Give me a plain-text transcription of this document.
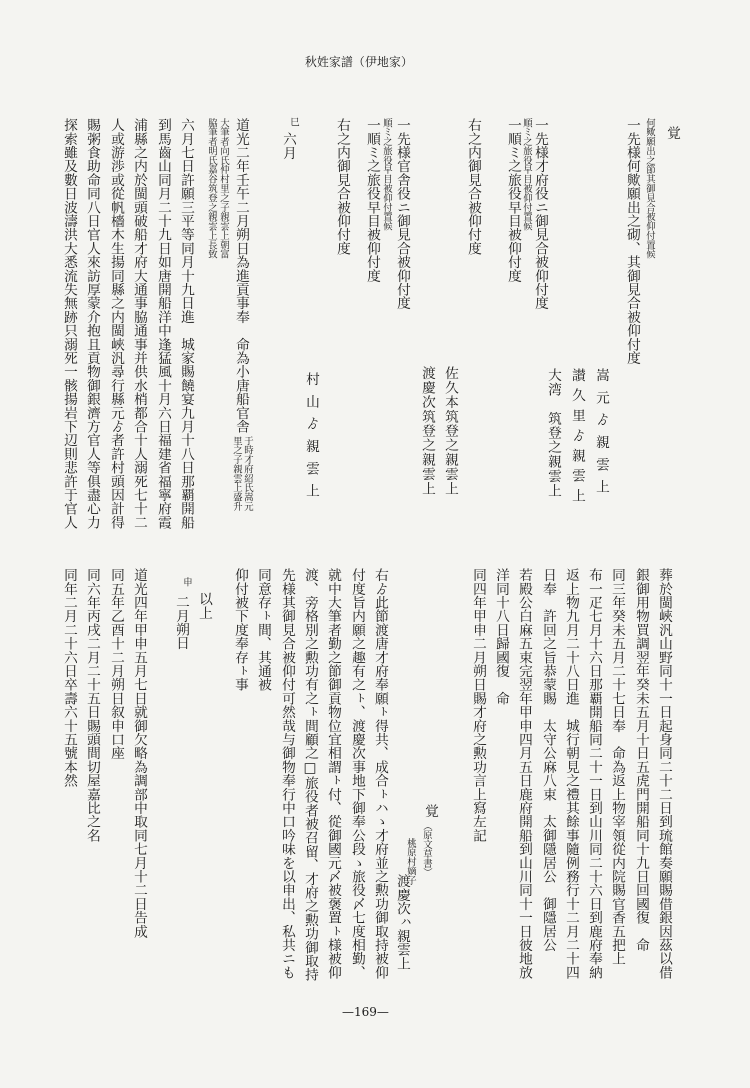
秋姓家譜（伊地家）
覚
何歟願出之節其御見合被仰付置候
一先様何歟願出之砌、其御見合被仰付度
嵩元ゟ親雲上
讃久里ゟ親雲上
大湾　筑登之親雲上
一先様才府役ニ御見合被仰付度
順ミ之旅役早目被仰付置候
一順ミ之旅役早目被仰付度
右之内御見合被仰付度
佐久本筑登之親雲上
渡慶次筑登之親雲上
一先様官舎役ニ御見合被仰付度
順ミ之旅役早目被仰付置候
一順ミ之旅役早目被仰付度
右之内御見合被仰付度
村山ゟ親雲上
巳
六月
道光二年壬午二月朔日為進貢事奉　命為小唐船官舎
于時才府紹氏嵩元
里之子親雲上盛升
大筆者向氏仲村里之子親雲上朝富
脇筆者明氏嘉谷筑登之親雲上長致
六月七日許願三平等同月十九日進　城家賜饒宴九月十八日那覇開船
到馬齒山同月二十九日如唐開船洋中逢猛風十月六日福建省福寧府霞
浦縣之内於閩頭破船才府大通事脇通事并供水梢都合十人溺死七十二
人或游渉或從帆檣木生揚同縣之内閩峽汎尋行縣元ゟ者許村頭因計得
賜粥食助命同八日官人來訪厚蒙介抱且貢物御銀濟方官人等俱盡心力
探索雖及數日波濤洪大悉流失無跡只溺死一骸揚岩下辺則悲許于官人
葬於閩峽汎山野同十一日起身同二十二日到琉館奏願賜借銀因茲以借
銀御用物買調翌年癸未五月十日五虎門開船同十九日回國復　命
同三年癸未五月二十七日奉　命為返上物宰領從内院賜官香五把上
布一疋七月十六日那覇開船同二十一日到山川同二十六日到鹿府奉納
返上物九月二十八日進　城行朝見之禮其餘事隨例務行十二月二十四
日奉　許回之旨恭蒙賜　太守公麻八束　太御隱居公　御隱居公
若殿公白麻五束完翌年甲申四月五日鹿府開船到山川同十一日彼地放
洋同十八日歸國復　命
同四年甲申二月朔日賜才府之勲功言上寫左記
覚
（原文草書）
桃原村嫡子
渡慶次ㇵ親雲上
右ゟ此節渡唐才府奉願ㇳ得共、成合ㇳハゝ才府並之勲功御取持被仰
付度旨内願之趣有之ㇳ、渡慶次事地下御奉公段ゝ旅役〆七度相勤、
就中大筆者勤之節御貢物位宜相謂ㇳ付、從御國元〆被褒置ㇳ様被仰
渡、旁格別之勲功有之ㇳ間顧之□旅役者被召留、才府之勲功御取持
先様其御見合被仰付可然哉与御物奉行中口吟味を以申出、私共ニも
同意存ㇳ間、其通被
仰付被下度奉存ㇳ事
以上
申
二月朔日
道光四年甲申五月七日就御欠略為調部中取同七月十二日告成
同五年乙酉十二月朔日叙申口座
同六年丙戌二月二十五日賜頭間切屋嘉比之名
同年二月二十六日卒壽六十五號本然
—169—
